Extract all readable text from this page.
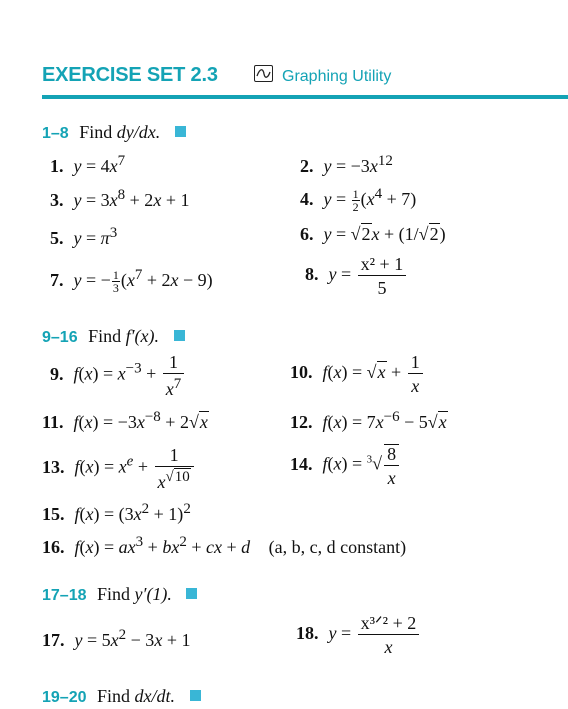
EXERCISE SET 2.3	Graphing Utility
1–8 Find dy/dx.
1. $y = 4x^7$	2. $y = -3x^{12}$
3. $y = 3x^8 + 2x + 1$	4. $y = \frac{1}{2} (x^4 + 7)$
5. $y = \pi^3$	6. y = √2x + (1/√2)
7. y = − $\frac{1}{3} (x^7 + 2x - 9)$	8. $y = \frac{\text{x² + 1}}{5}$
9–16 Find f′(x).
9. $f(x) = x^{-3} + \frac{1}{x^7}$	10. $f(x) = √x + \frac{1}{x}$
11. $f(x) = -3x^{-8} + 2√x$	12. $f(x) = 7x^{-6} - 5√x$
13. $f(x) = x^e + \frac{1}{x^{√10}}$	14. $f(x) = ^3√ \frac{8}{x}$
15. $f(x) = (3x^2 + 1)^2$
16. $f(x) = ax^3 + bx^2$ + cx + d (a, b, c, d constant)
17–18 Find y′(1).
17. $y = 5x^2 - 3x + 1$	18. $y = \frac{\text{x³ᐟ² + 2}}{x}$
19–20 Find dx/dt.
